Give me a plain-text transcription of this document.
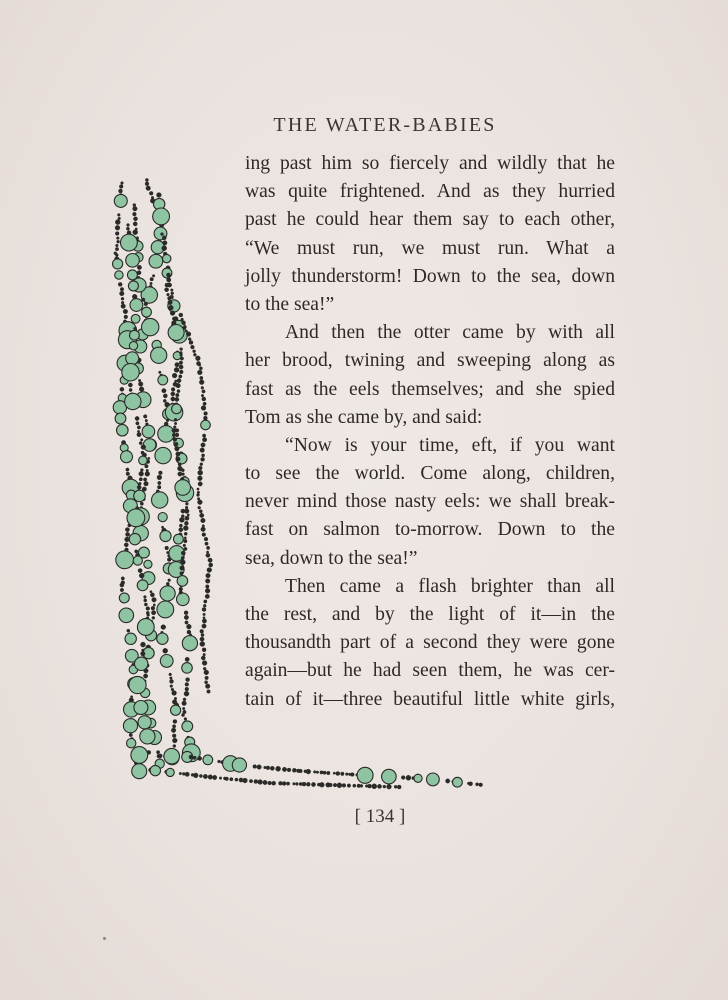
THE WATER-BABIES
ing past him so fiercely and wildly that he
was quite frightened. And as they hurried
past he could hear them say to each other,
“We must run, we must run. What a
jolly thunderstorm! Down to the sea, down
to the sea!”
And then the otter came by with all
her brood, twining and sweeping along as
fast as the eels themselves; and she spied
Tom as she came by, and said:
“Now is your time, eft, if you want
to see the world. Come along, children,
never mind those nasty eels: we shall break-
fast on salmon to-morrow. Down to the
sea, down to the sea!”
Then came a flash brighter than all
the rest, and by the light of it—in the
thousandth part of a second they were gone
again—but he had seen them, he was cer-
tain of it—three beautiful little white girls,
[ 134 ]
